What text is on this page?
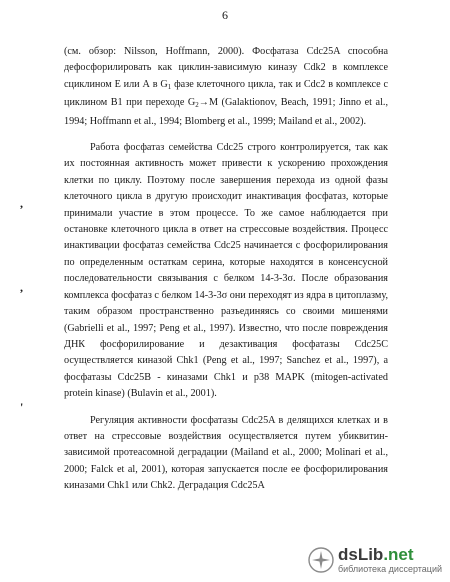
6
,
,
'

(см. обзор: Nilsson, Hoffmann, 2000). Фосфатаза Cdc25A способна дефосфорилировать как циклин-зависимую киназу Cdk2 в комплексе сциклином Е или А в $G_1$ фазе клеточного цикла, так и Cdc2 в комплексе с циклином В1 при переходе $G_2\to M$ (Galaktionov, Beach, 1991; Jinno et al., 1994; Hoffmann et al., 1994; Blomberg et al., 1999; Mailand et al., 2002).

Работа фосфатаз семейства Cdc25 строго контролируется, так как их постоянная активность может привести к ускорению прохождения клетки по циклу. Поэтому после завершения перехода из одной фазы клеточного цикла в другую происходит инактивация фосфатаз, которые принимали участие в этом процессе. То же самое наблюдается при остановке клеточного цикла в ответ на стрессовые воздействия. Процесс инактивации фосфатаз семейства Cdc25 начинается с фосфорилирования по определенным остаткам серина, которые находятся в консенсусной последовательности связывания с белком 14-3-3σ. После образования комплекса фосфатаз с белком 14-3-3σ они переходят из ядра в цитоплазму, таким образом пространственно разъединяясь со своими мишенями (Gabrielli et al., 1997; Peng et al., 1997). Известно, что после повреждения ДНК фосфорилирование и дезактивация фосфатазы Cdc25C осуществляется киназой Chk1 (Peng et al., 1997; Sanchez et al., 1997), а фосфатазы Cdc25B - киназами Chk1 и p38 MAPK (mitogen-activated protein kinase) (Bulavin et al., 2001).

Регуляция активности фосфатазы Cdc25A в делящихся клетках и в ответ на стрессовые воздействия осуществляется путем убиквитин-зависимой протеасомной деградации (Mailand et al., 2000; Molinari et al., 2000; Falck et al, 2001), которая запускается после ее фосфорилирования киназами Chk1 или Chk2. Деградация Cdc25A

dsLib.net
библиотека диссертаций
